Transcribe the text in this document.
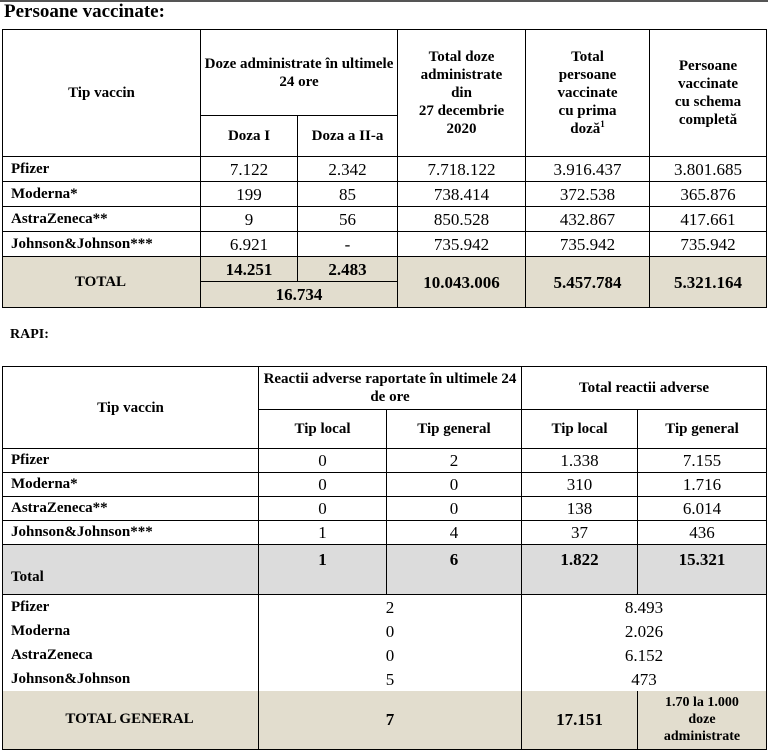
Persoane vaccinate:
Tip vaccin	Doze administrate în ultimele 24 ore		Total doze
administrate
din
27 decembrie
2020	Total
persoane
vaccinate
cu prima
doză$^1$	Persoane
vaccinate
cu schema
completă
	Doza I	Doza a II-a			
Pfizer	7.122	2.342	7.718.122	3.916.437	3.801.685
Moderna*	199	85	738.414	372.538	365.876
AstraZeneca**	9	56	850.528	432.867	417.661
Johnson&Johnson***	6.921	-	735.942	735.942	735.942
TOTAL	14.251	2.483	10.043.006	5.457.784	5.321.164
	16.734				
RAPI:
Tip vaccin	Reactii adverse raportate în ultimele 24 de ore		Total reactii adverse	
	Tip local	Tip general	Tip local	Tip general
Pfizer	0	2	1.338	7.155
Moderna*	0	0	310	1.716
AstraZeneca**	0	0	138	6.014
Johnson&Johnson***	1	4	37	436
Total	1	6	1.822	15.321
Pfizer	2	8.493	
Moderna	0	2.026	
AstraZeneca	0	6.152	
Johnson&Johnson	5	473	
TOTAL GENERAL	7	17.151	1.70 la 1.000
doze
administrate
